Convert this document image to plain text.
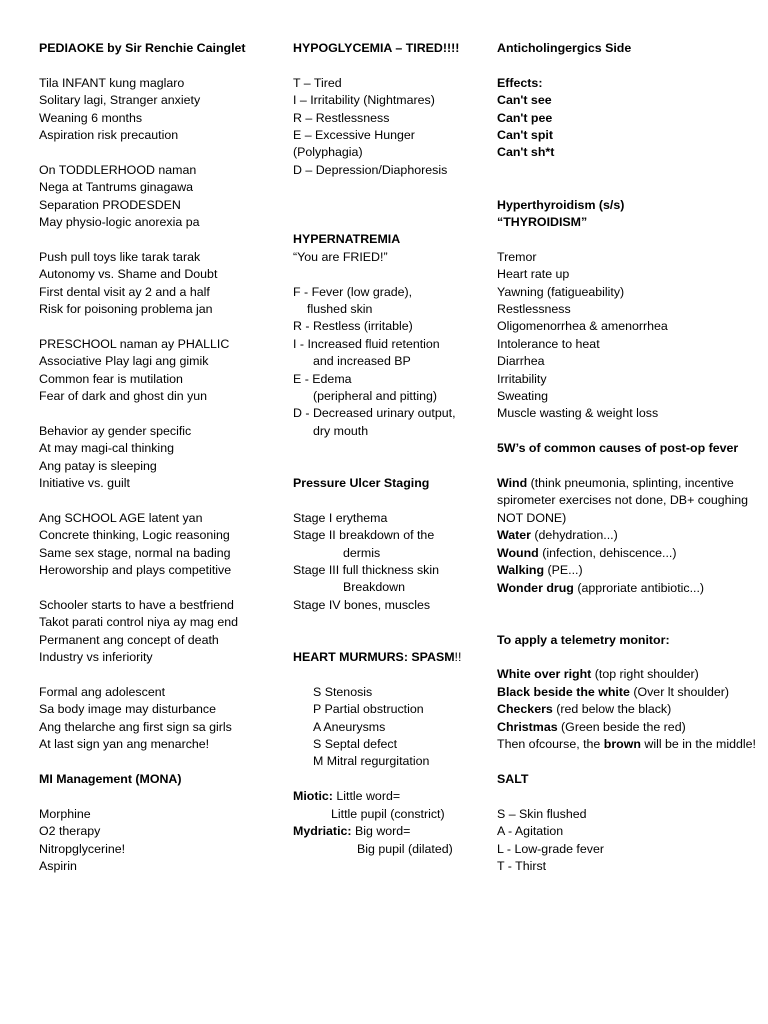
PEDIAOKE by Sir Renchie Cainglet
Tila INFANT kung maglaro
Solitary lagi, Stranger anxiety
Weaning 6 months
Aspiration risk precaution
On TODDLERHOOD naman
Nega at Tantrums ginagawa
Separation PRODESDEN
May physio-logic anorexia pa
Push pull toys like tarak tarak
Autonomy vs. Shame and Doubt
First dental visit ay 2 and a half
Risk for poisoning problema jan
PRESCHOOL naman ay PHALLIC
Associative Play lagi ang gimik
Common fear is mutilation
Fear of dark and ghost din yun
Behavior ay gender specific
At may magi-cal thinking
Ang patay is sleeping
Initiative vs. guilt
Ang SCHOOL AGE latent yan
Concrete thinking, Logic reasoning
Same sex stage, normal na bading
Heroworship and plays competitive
Schooler starts to have a bestfriend
Takot parati control niya ay mag end
Permanent ang concept of death
Industry vs inferiority
Formal ang adolescent
Sa body image may disturbance
Ang thelarche ang first sign sa girls
At last sign yan ang menarche!
MI Management (MONA)
Morphine
O2 therapy
Nitropglycerine!
Aspirin
HYPOGLYCEMIA – TIRED!!!!
T – Tired
I – Irritability (Nightmares)
R – Restlessness
E – Excessive Hunger
(Polyphagia)
D – Depression/Diaphoresis
HYPERNATREMIA
“You are FRIED!”
F - Fever (low grade),
flushed skin
R - Restless (irritable)
I - Increased fluid retention
and increased BP
E - Edema
(peripheral and pitting)
D - Decreased urinary output,
dry mouth
Pressure Ulcer Staging
Stage I erythema
Stage II breakdown of the
dermis
Stage III full thickness skin
Breakdown
Stage IV bones, muscles
HEART MURMURS: SPASM!!
S Stenosis
P Partial obstruction
A Aneurysms
S Septal defect
M Mitral regurgitation
Miotic: Little word=
Little pupil (constrict)
Mydriatic: Big word=
Big pupil (dilated)
Anticholingergics Side
Effects:
Can't see
Can't pee
Can't spit
Can't sh*t
Hyperthyroidism (s/s)
“THYROIDISM”
Tremor
Heart rate up
Yawning (fatigueability)
Restlessness
Oligomenorrhea & amenorrhea
Intolerance to heat
Diarrhea
Irritability
Sweating
Muscle wasting & weight loss
5W’s of common causes of post-op fever
Wind (think pneumonia, splinting, incentive spirometer exercises not done, DB+ coughing NOT DONE)
Water (dehydration...)
Wound (infection, dehiscence...)
Walking (PE...)
Wonder drug (approriate antibiotic...)
To apply a telemetry monitor:
White over right (top right shoulder)
Black beside the white (Over lt shoulder)
Checkers (red below the black)
Christmas (Green beside the red)
Then ofcourse, the brown will be in the middle!
SALT
S – Skin flushed
A - Agitation
L - Low-grade fever
T - Thirst
